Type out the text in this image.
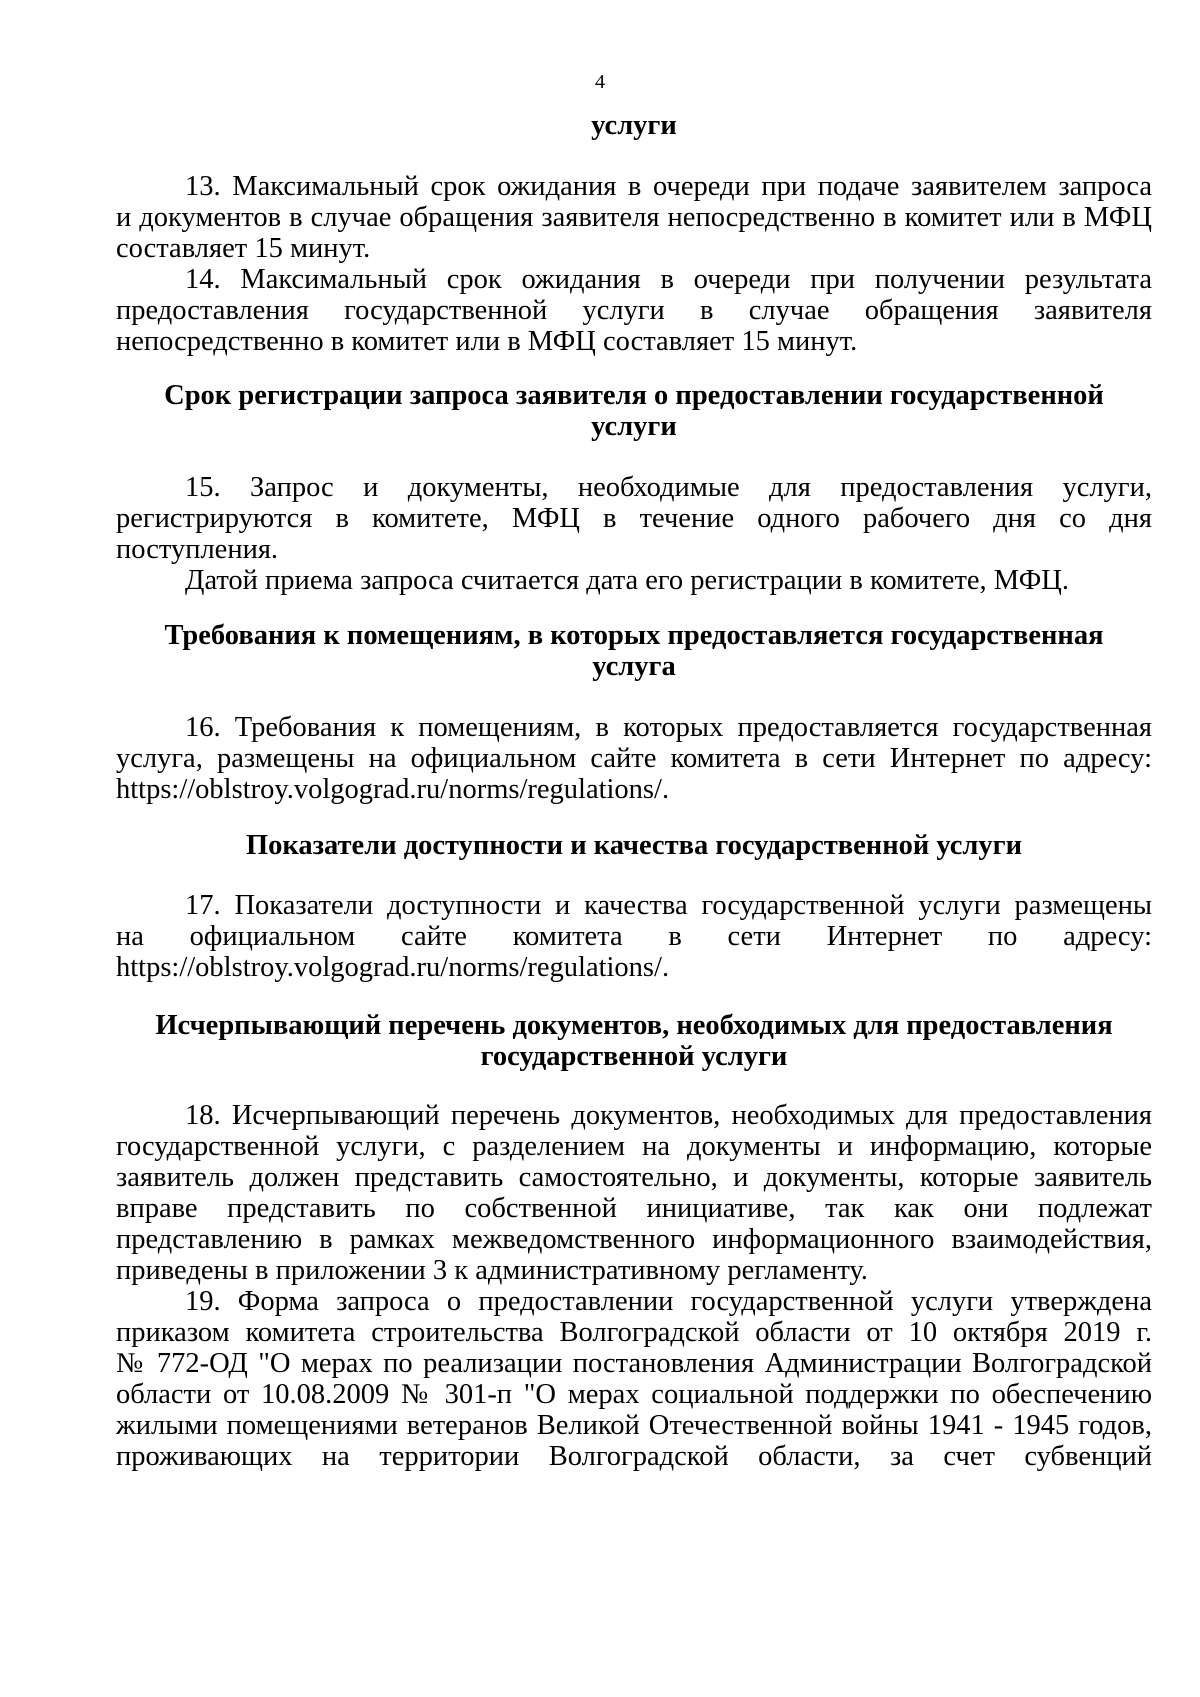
4
услуги
13. Максимальный срок ожидания в очереди при подаче заявителем запроса
и документов в случае обращения заявителя непосредственно в комитет или в МФЦ
составляет 15 минут.
14. Максимальный срок ожидания в очереди при получении результата
предоставления государственной услуги в случае обращения заявителя
непосредственно в комитет или в МФЦ составляет 15 минут.
Срок регистрации запроса заявителя о предоставлении государственной
услуги
15. Запрос и документы, необходимые для предоставления услуги,
регистрируются в комитете, МФЦ в течение одного рабочего дня со дня
поступления.
Датой приема запроса считается дата его регистрации в комитете, МФЦ.
Требования к помещениям, в которых предоставляется государственная
услуга
16. Требования к помещениям, в которых предоставляется государственная
услуга, размещены на официальном сайте комитета в сети Интернет по адресу:
https://oblstroy.volgograd.ru/norms/regulations/.
Показатели доступности и качества государственной услуги
17. Показатели доступности и качества государственной услуги размещены
на официальном сайте комитета в сети Интернет по адресу:
https://oblstroy.volgograd.ru/norms/regulations/.
Исчерпывающий перечень документов, необходимых для предоставления
государственной услуги
18. Исчерпывающий перечень документов, необходимых для предоставления
государственной услуги, с разделением на документы и информацию, которые
заявитель должен представить самостоятельно, и документы, которые заявитель
вправе представить по собственной инициативе, так как они подлежат
представлению в рамках межведомственного информационного взаимодействия,
приведены в приложении 3 к административному регламенту.
19. Форма запроса о предоставлении государственной услуги утверждена
приказом комитета строительства Волгоградской области от 10 октября 2019 г.
№ 772-ОД "О мерах по реализации постановления Администрации Волгоградской
области от 10.08.2009 № 301-п "О мерах социальной поддержки по обеспечению
жилыми помещениями ветеранов Великой Отечественной войны 1941 - 1945 годов,
проживающих на территории Волгоградской области, за счет субвенций
